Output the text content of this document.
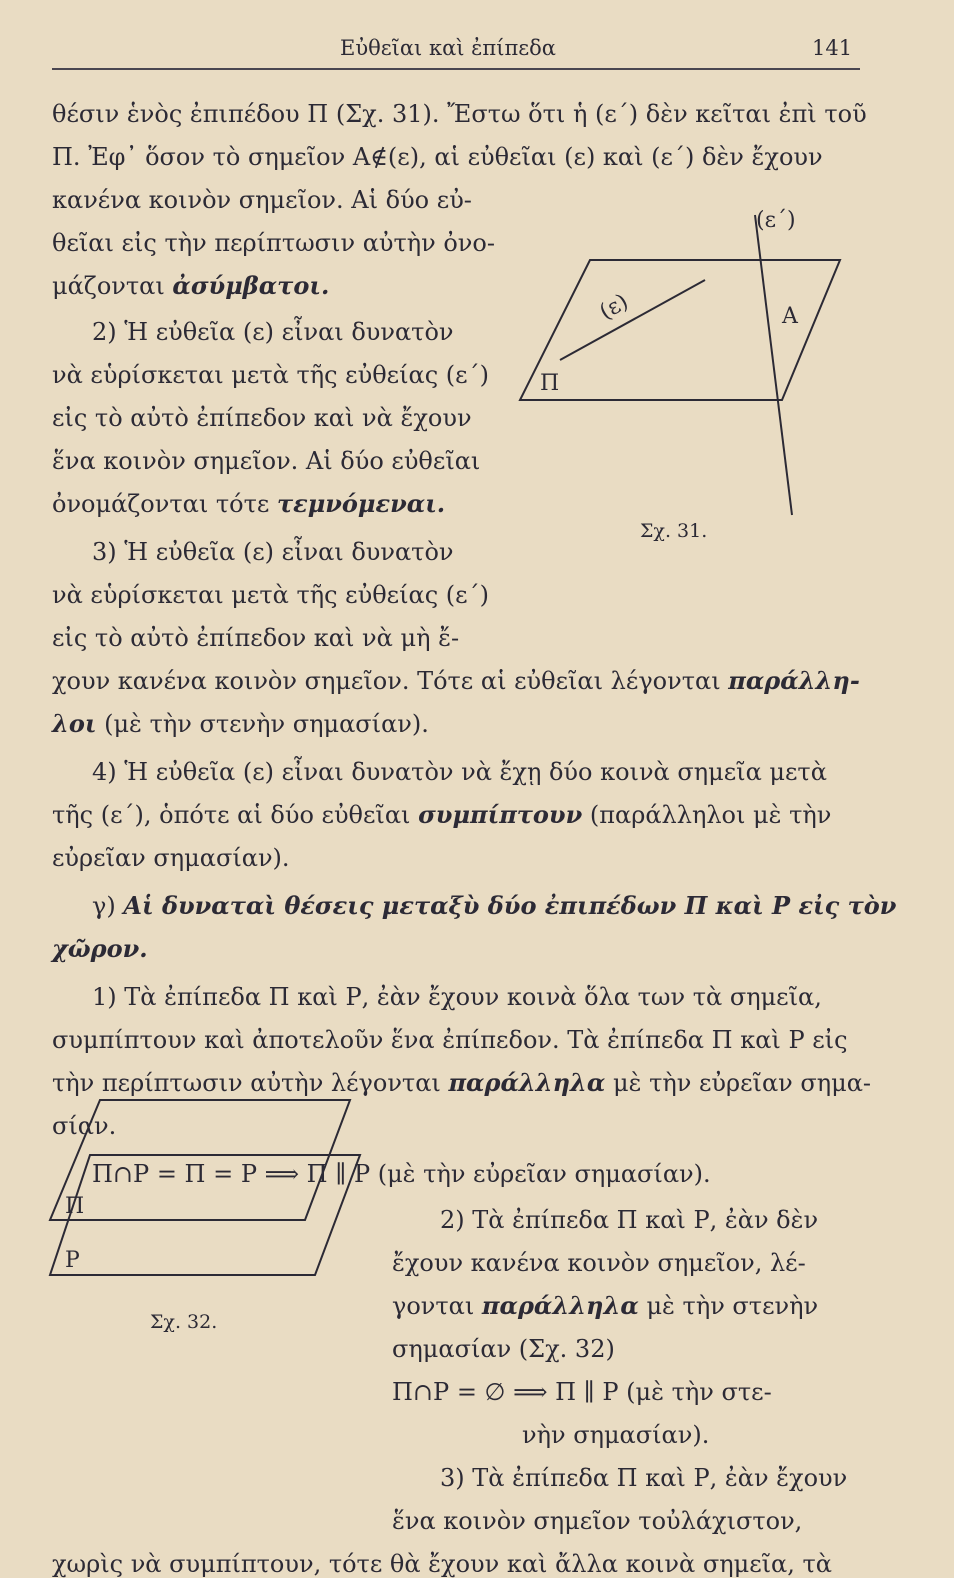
Εὐθεῖαι καὶ ἐπίπεδα	141
θέσιν ἑνὸς ἐπιπέδου Π (Σχ. 31). Ἔστω ὅτι ἡ (ε΄) δὲν κεῖται ἐπὶ τοῦ
Π. Ἐφ᾿ ὅσον τὸ σημεῖον Α∉(ε), αἱ εὐθεῖαι (ε) καὶ (ε΄) δὲν ἔχουν
κανένα κοινὸν σημεῖον. Αἱ δύο εὐ-
θεῖαι εἰς τὴν περίπτωσιν αὐτὴν ὀνο-
μάζονται ἀσύμβατοι.
2) Ἡ εὐθεῖα (ε) εἶναι δυνατὸν
νὰ εὑρίσκεται μετὰ τῆς εὐθείας (ε΄)
εἰς τὸ αὐτὸ ἐπίπεδον καὶ νὰ ἔχουν
ἕνα κοινὸν σημεῖον. Αἱ δύο εὐθεῖαι
ὀνομάζονται τότε τεμνόμεναι.
3) Ἡ εὐθεῖα (ε) εἶναι δυνατὸν
νὰ εὑρίσκεται μετὰ τῆς εὐθείας (ε΄)
εἰς τὸ αὐτὸ ἐπίπεδον καὶ νὰ μὴ ἔ-
χουν κανένα κοινὸν σημεῖον. Τότε αἱ εὐθεῖαι λέγονται παράλλη-
λοι (μὲ τὴν στενὴν σημασίαν).
4) Ἡ εὐθεῖα (ε) εἶναι δυνατὸν νὰ ἔχῃ δύο κοινὰ σημεῖα μετὰ
τῆς (ε΄), ὁπότε αἱ δύο εὐθεῖαι συμπίπτουν (παράλληλοι μὲ τὴν
εὐρεῖαν σημασίαν).
γ) Αἱ δυναταὶ θέσεις μεταξὺ δύο ἐπιπέδων Π καὶ Ρ εἰς τὸν
χῶρον.
1) Τὰ ἐπίπεδα Π καὶ Ρ, ἐὰν ἔχουν κοινὰ ὅλα των τὰ σημεῖα,
συμπίπτουν καὶ ἀποτελοῦν ἕνα ἐπίπεδον. Τὰ ἐπίπεδα Π καὶ Ρ εἰς
τὴν περίπτωσιν αὐτὴν λέγονται παράλληλα μὲ τὴν εὐρεῖαν σημα-
σίαν.
Π∩Ρ = Π = Ρ ⟹ Π ∥ Ρ (μὲ τὴν εὐρεῖαν σημασίαν).
2) Τὰ ἐπίπεδα Π καὶ Ρ, ἐὰν δὲν
ἔχουν κανένα κοινὸν σημεῖον, λέ-
γονται παράλληλα μὲ τὴν στενὴν
σημασίαν (Σχ. 32)
Π∩Ρ = ∅ ⟹ Π ∥ Ρ (μὲ τὴν στε-
νὴν σημασίαν).
3) Τὰ ἐπίπεδα Π καὶ Ρ, ἐὰν ἔχουν
(ε΄)
(ε)	Α
Π
Σχ. 31.
Π
Ρ
Σχ. 32.
ἕνα κοινὸν σημεῖον τοὐλάχιστον,
χωρὶς νὰ συμπίπτουν, τότε θὰ ἔχουν καὶ ἄλλα κοινὰ σημεῖα, τὰ
